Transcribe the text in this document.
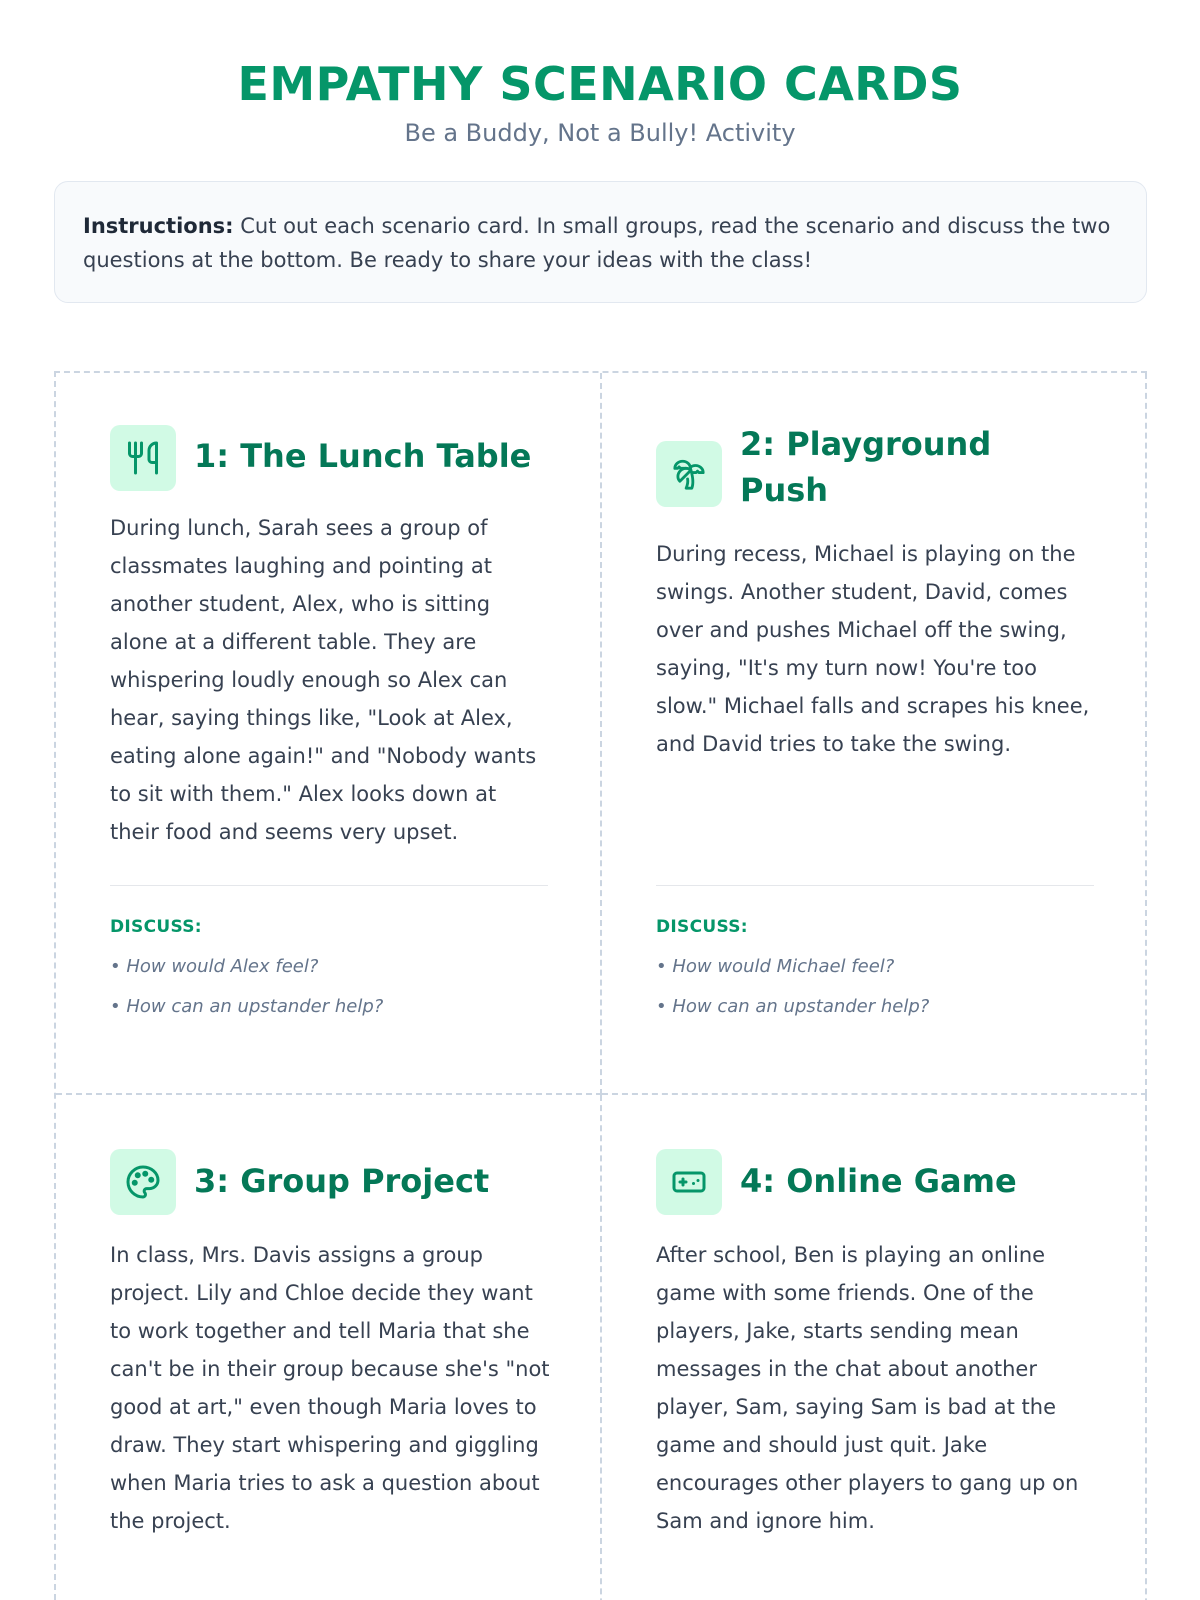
EMPATHY SCENARIO CARDS
Be a Buddy, Not a Bully! Activity
Instructions: Cut out each scenario card. In small groups, read the scenario and discuss the two questions at the bottom. Be ready to share your ideas with the class!
1: The Lunch Table
During lunch, Sarah sees a group of classmates laughing and pointing at another student, Alex, who is sitting alone at a different table. They are whispering loudly enough so Alex can hear, saying things like, "Look at Alex, eating alone again!" and "Nobody wants to sit with them." Alex looks down at their food and seems very upset.
DISCUSS:
• How would Alex feel?
• How can an upstander help?
2: Playground Push
During recess, Michael is playing on the swings. Another student, David, comes over and pushes Michael off the swing, saying, "It's my turn now! You're too slow." Michael falls and scrapes his knee, and David tries to take the swing.
DISCUSS:
• How would Michael feel?
• How can an upstander help?
3: Group Project
In class, Mrs. Davis assigns a group project. Lily and Chloe decide they want to work together and tell Maria that she can't be in their group because she's "not good at art," even though Maria loves to draw. They start whispering and giggling when Maria tries to ask a question about the project.
4: Online Game
After school, Ben is playing an online game with some friends. One of the players, Jake, starts sending mean messages in the chat about another player, Sam, saying Sam is bad at the game and should just quit. Jake encourages other players to gang up on Sam and ignore him.
